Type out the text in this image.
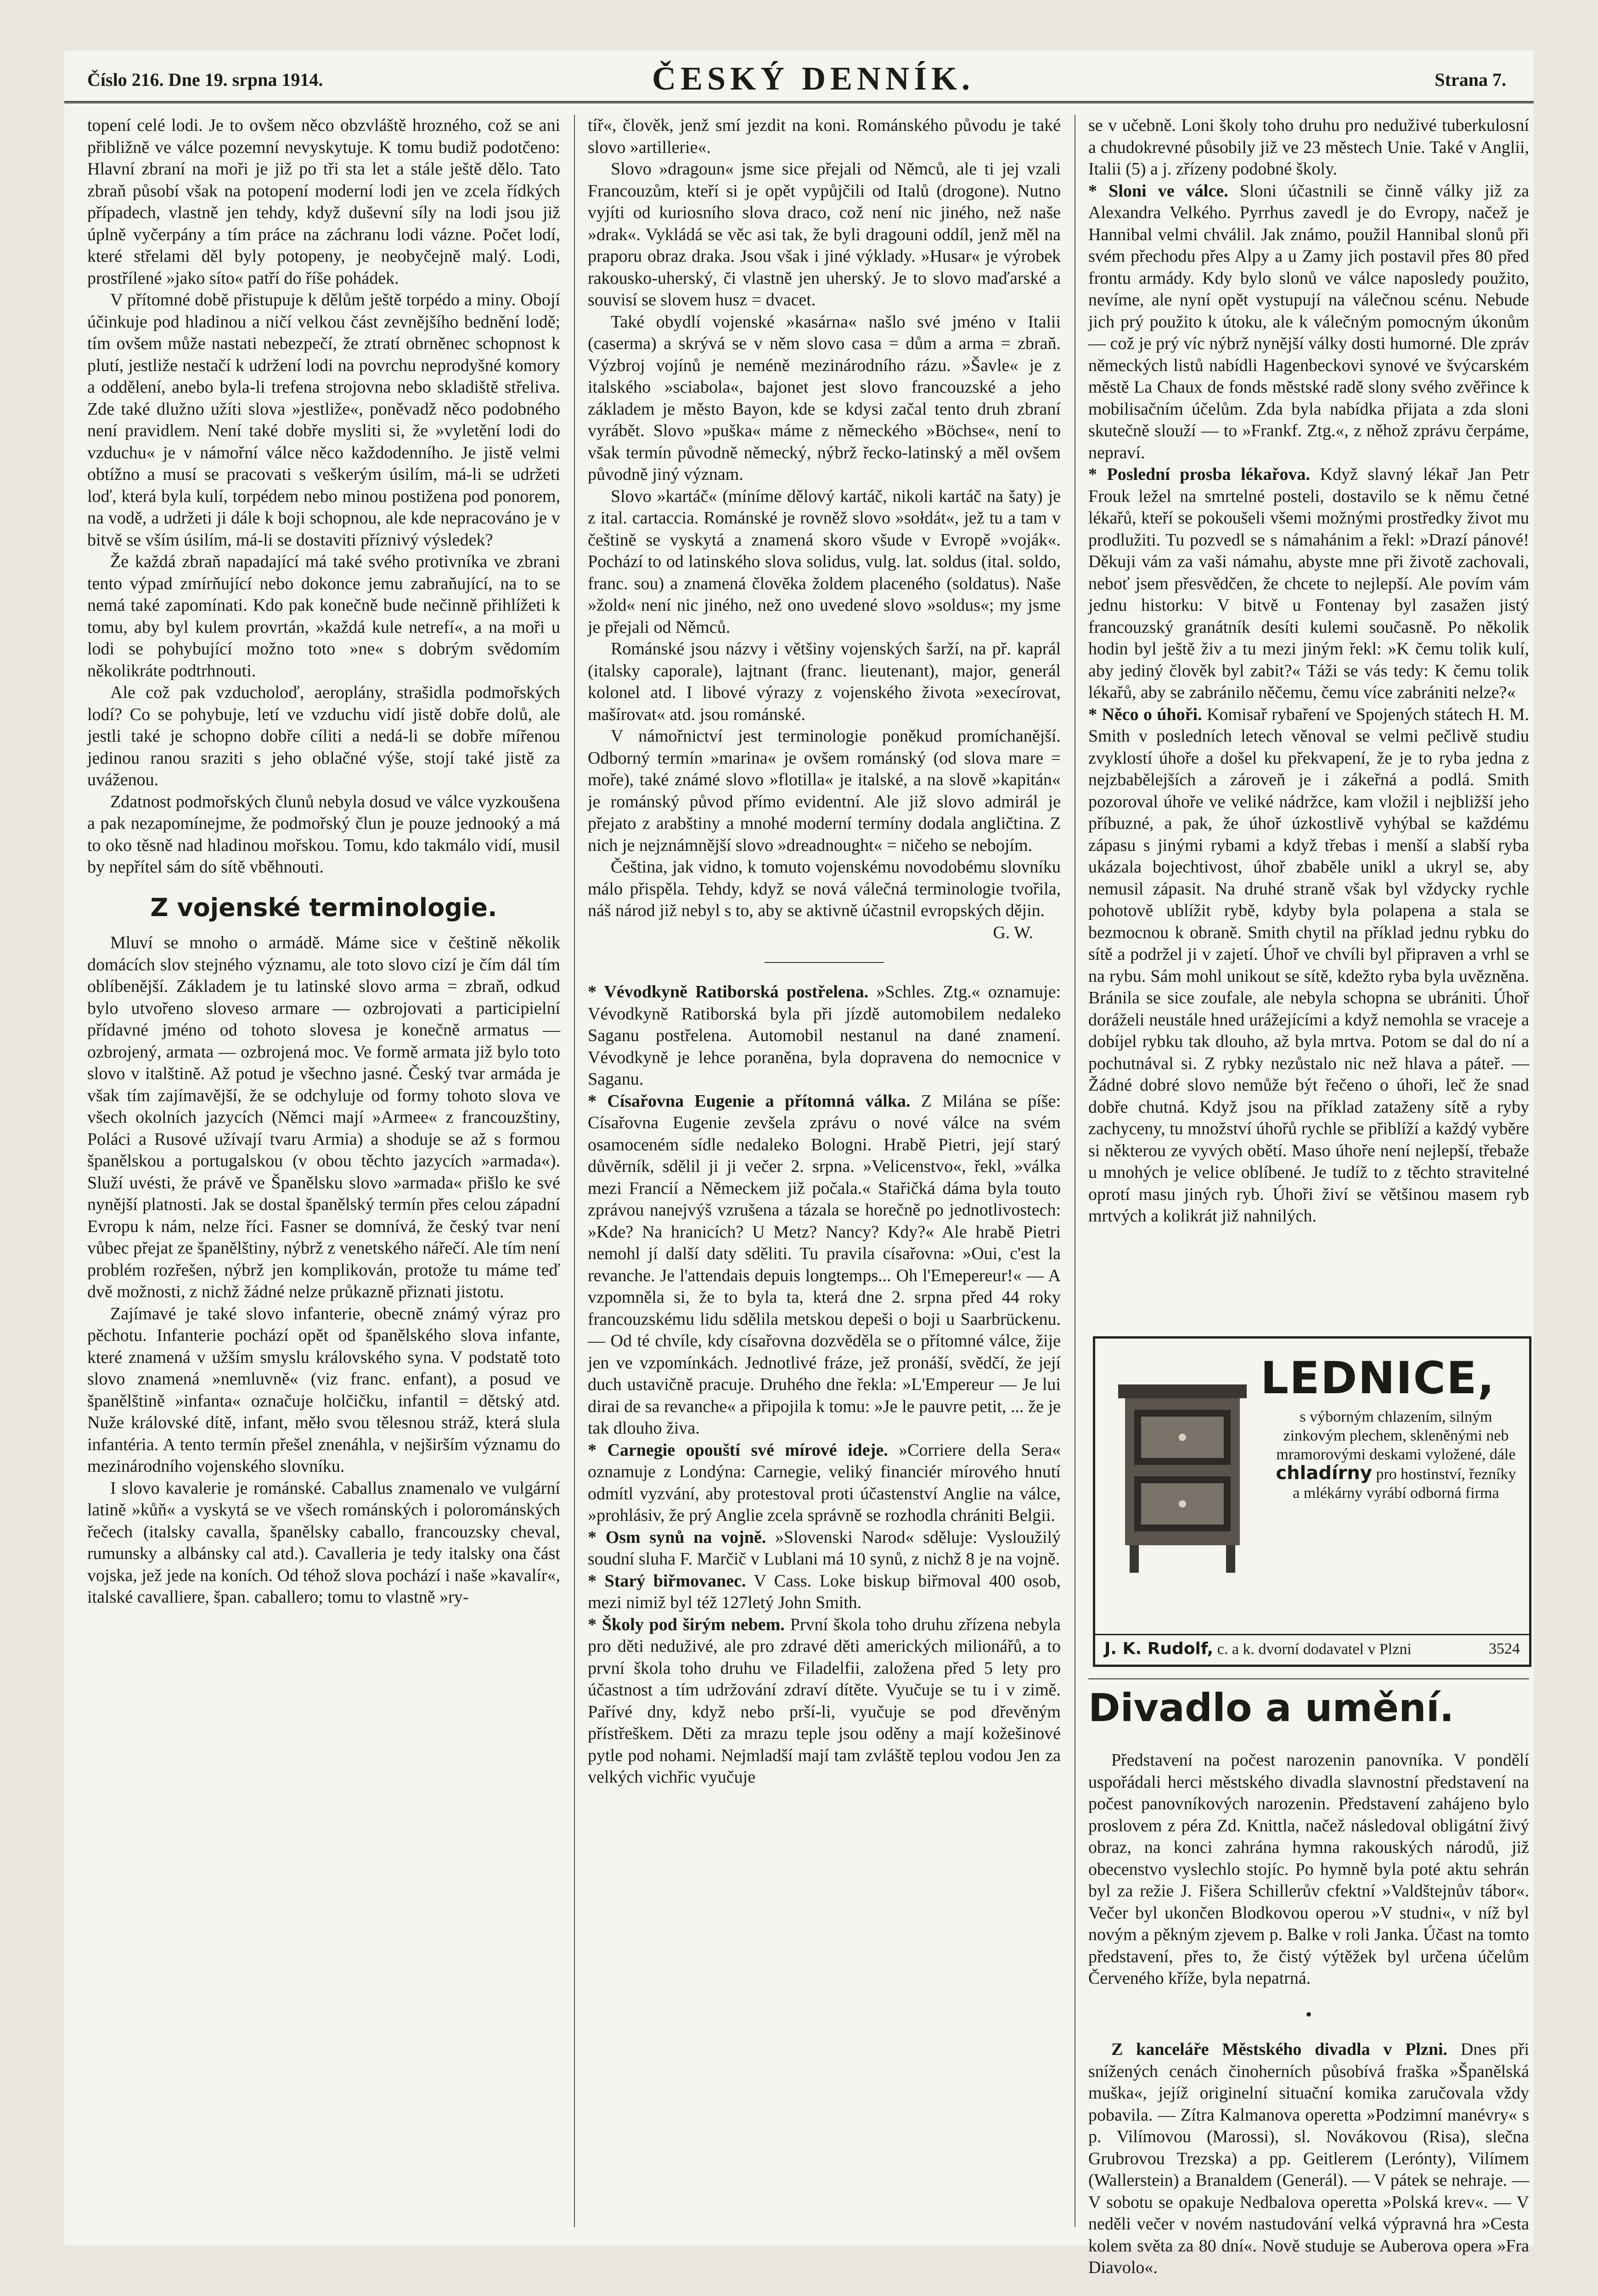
Číslo 216. Dne 19. srpna 1914.	ČESKÝ DENNÍK.	Strana 7.

topení celé lodi. Je to ovšem něco obzvláště hrozného, což se ani přibližně ve válce pozemní nevyskytuje. K tomu budiž podotčeno: Hlavní zbraní na moři je již po tři sta let a stále ještě dělo. Tato zbraň působí však na potopení moderní lodi jen ve zcela řídkých případech, vlastně jen tehdy, když duševní síly na lodi jsou již úplně vyčerpány a tím práce na záchranu lodi vázne. Počet lodí, které střelami děl byly potopeny, je neobyčejně malý. Lodi, prostřílené »jako síto« patří do říše pohádek.

V přítomné době přistupuje k dělům ještě torpédo a miny. Obojí účinkuje pod hladinou a ničí velkou část zevnějšího bednění lodě; tím ovšem může nastati nebezpečí, že ztratí obrněnec schopnost k plutí, jestliže nestačí k udržení lodi na povrchu neprodyšné komory a oddělení, anebo byla-li trefena strojovna nebo skladiště střeliva. Zde také dlužno užíti slova »jestliže«, poněvadž něco podobného není pravidlem. Není také dobře mysliti si, že »vyletění lodi do vzduchu« je v námořní válce něco každodenního. Je jistě velmi obtížno a musí se pracovati s veškerým úsilím, má-li se udržeti loď, která byla kulí, torpédem nebo minou postižena pod ponorem, na vodě, a udržeti ji dále k boji schopnou, ale kde nepracováno je v bitvě se vším úsilím, má-li se dostaviti příznivý výsledek?

Že každá zbraň napadající má také svého protivníka ve zbrani tento výpad zmírňující nebo dokonce jemu zabraňující, na to se nemá také zapomínati. Kdo pak konečně bude nečinně přihlížeti k tomu, aby byl kulem provrtán, »každá kule netrefí«, a na moři u lodi se pohybující možno toto »ne« s dobrým svědomím několikráte podtrhnouti.

Ale což pak vzducholoď, aeroplány, strašidla podmořských lodí? Co se pohybuje, letí ve vzduchu vidí jistě dobře dolů, ale jestli také je schopno dobře cíliti a nedá-li se dobře mířenou jedinou ranou sraziti s jeho oblačné výše, stojí také jistě za uváženou.

Zdatnost podmořských člunů nebyla dosud ve válce vyzkoušena a pak nezapomínejme, že podmořský člun je pouze jednooký a má to oko těsně nad hladinou mořskou. Tomu, kdo takmálo vidí, musil by nepřítel sám do sítě vběhnouti.

Z vojenské terminologie.

Mluví se mnoho o armádě. Máme sice v češtině několik domácích slov stejného významu, ale toto slovo cizí je čím dál tím oblíbenější. Základem je tu latinské slovo arma = zbraň, odkud bylo utvořeno sloveso armare — ozbrojovati a participielní přídavné jméno od tohoto slovesa je konečně armatus — ozbrojený, armata — ozbrojená moc. Ve formě armata již bylo toto slovo v italštině. Až potud je všechno jasné. Český tvar armáda je však tím zajímavější, že se odchyluje od formy tohoto slova ve všech okolních jazycích (Němci mají »Armee« z francouzštiny, Poláci a Rusové užívají tvaru Armia) a shoduje se až s formou španělskou a portugalskou (v obou těchto jazycích »armada«). Služí uvésti, že právě ve Španělsku slovo »armada« přišlo ke své nynější platnosti. Jak se dostal španělský termín přes celou západní Evropu k nám, nelze říci. Fasner se domnívá, že český tvar není vůbec přejat ze španělštiny, nýbrž z venetského nářečí. Ale tím není problém rozřešen, nýbrž jen komplikován, protože tu máme teď dvě možnosti, z nichž žádné nelze průkazně přiznati jistotu.

Zajímavé je také slovo infanterie, obecně známý výraz pro pěchotu. Infanterie pochází opět od španělského slova infante, které znamená v užším smyslu královského syna. V podstatě toto slovo znamená »nemluvně« (viz franc. enfant), a posud ve španělštině »infanta« označuje holčičku, infantil = dětský atd. Nuže královské dítě, infant, měło svou tělesnou stráž, která slula infantéria. A tento termín přešel znenáhla, v nejširším významu do mezinárodního vojenského slovníku.

I slovo kavalerie je románské. Caballus znamenalo ve vulgární latině »kůň« a vyskytá se ve všech románských i polorománských řečech (italsky cavalla, španělsky caballo, francouzsky cheval, rumunsky a albánsky cal atd.). Cavalleria je tedy italsky ona část vojska, jež jede na koních. Od téhož slova pochází i naše »kavalír«, italské cavalliere, špan. caballero; tomu to vlastně »ry-

tíř«, člověk, jenž smí jezdit na koni. Románského původu je také slovo »artillerie«.

Slovo »dragoun« jsme sice přejali od Němců, ale ti jej vzali Francouzům, kteří si je opět vypůjčili od Italů (drogone). Nutno vyjíti od kuriosního slova draco, což není nic jiného, než naše »drak«. Vykládá se věc asi tak, že byli dragouni oddíl, jenž měl na praporu obraz draka. Jsou však i jiné výklady. »Husar« je výrobek rakousko-uherský, či vlastně jen uherský. Je to slovo maďarské a souvisí se slovem husz = dvacet.

Také obydlí vojenské »kasárna« našlo své jméno v Italii (caserma) a skrývá se v něm slovo casa = dům a arma = zbraň. Výzbroj vojínů je neméně mezinárodního rázu. »Šavle« je z italského »sciabola«, bajonet jest slovo francouzské a jeho základem je město Bayon, kde se kdysi začal tento druh zbraní vyrábět. Slovo »puška« máme z německého »Böchse«, není to však termín původně německý, nýbrž řecko-latinský a měl ovšem původně jiný význam.

Slovo »kartáč« (míníme dělový kartáč, nikoli kartáč na šaty) je z ital. cartaccia. Románské je rovněž slovo »sołdát«, jež tu a tam v češtině se vyskytá a znamená skoro všude v Evropě »voják«. Pochází to od latinského slova solidus, vulg. lat. soldus (ital. soldo, franc. sou) a znamená člověka žoldem placeného (soldatus). Naše »žold« není nic jiného, než ono uvedené slovo »soldus«; my jsme je přejali od Němců.

Románské jsou názvy i většiny vojenských šarží, na př. kaprál (italsky caporale), lajtnant (franc. lieutenant), major, generál kolonel atd. I libové výrazy z vojenského života »execírovat, mašírovat« atd. jsou románské.

V námořnictví jest terminologie poněkud promíchanější. Odborný termín »marina« je ovšem románský (od slova mare = moře), také známé slovo »flotilla« je italské, a na slově »kapitán« je románský původ přímo evidentní. Ale již slovo admirál je přejato z arabštiny a mnohé moderní termíny dodala angličtina. Z nich je nejznámnější slovo »dreadnought« = ničeho se nebojím.

Čeština, jak vidno, k tomuto vojenskému novodobému slovníku málo přispěla. Tehdy, když se nová válečná terminologie tvořila, náš národ již nebyl s to, aby se aktivně účastnil evropských dějin.

G. W.

* Vévodkyně Ratiborská postřelena. »Schles. Ztg.« oznamuje: Vévodkyně Ratiborská byla při jízdě automobilem nedaleko Saganu postřelena. Automobil nestanul na dané znamení. Vévodkyně je lehce poraněna, byla dopravena do nemocnice v Saganu.

* Císařovna Eugenie a přítomná válka. Z Milána se píše: Císařovna Eugenie zevšela zprávu o nové válce na svém osamoceném sídle nedaleko Bologni. Hrabě Pietri, její starý důvěrník, sdělil ji ji večer 2. srpna. »Velicenstvo«, řekl, »válka mezi Francií a Německem již počala.« Stařičká dáma byla touto zprávou nanejvýš vzrušena a tázala se horečně po jednotlivostech: »Kde? Na hranicích? U Metz? Nancy? Kdy?« Ale hrabě Pietri nemohl jí další daty sděliti. Tu pravila císařovna: »Oui, c'est la revanche. Je l'attendais depuis longtemps... Oh l'Emepereur!« — A vzpomněla si, že to byla ta, která dne 2. srpna před 44 roky francouzskému lidu sdělila metskou depeši o boji u Saarbrückenu. — Od té chvíle, kdy císařovna dozvěděla se o přítomné válce, žije jen ve vzpomínkách. Jednotlivé fráze, jež pronáší, svědčí, že její duch ustavičně pracuje. Druhého dne řekla: »L'Empereur — Je lui dirai de sa revanche« a připojila k tomu: »Je le pauvre petit, ... že je tak dlouho živa.

* Carnegie opouští své mírové ideje. »Corriere della Sera« oznamuje z Londýna: Carnegie, veliký financiér mírového hnutí odmítl vyzvání, aby protestoval proti účastenství Anglie na válce, »prohlásiv, že prý Anglie zcela správně se rozhodla chrániti Belgii.

* Osm synů na vojně. »Slovenski Narod« sděluje: Vysloužilý soudní sluha F. Marčič v Lublani má 10 synů, z nichž 8 je na vojně.

* Starý biřmovanec. V Cass. Loke biskup biřmoval 400 osob, mezi nimiž byl též 127letý John Smith.

* Školy pod širým nebem. První škola toho druhu zřízena nebyla pro děti neduživé, ale pro zdravé děti amerických milionářů, a to první škola toho druhu ve Filadelfii, založena před 5 lety pro účastnost a tím udržování zdraví dítěte. Vyučuje se tu i v zimě. Pařívé dny, když nebo prší-li, vyučuje se pod dřevěným přístřeškem. Děti za mrazu teple jsou oděny a mají kožešinové pytle pod nohami. Nejmladší mají tam zvláště teplou vodou Jen za velkých vichřic vyučuje

se v učebně. Loni školy toho druhu pro neduživé tuberkulosní a chudokrevné působily již ve 23 městech Unie. Také v Anglii, Italii (5) a j. zřízeny podobné školy.

* Sloni ve válce. Sloni účastnili se činně války již za Alexandra Velkého. Pyrrhus zavedl je do Evropy, načež je Hannibal velmi chválil. Jak známo, použil Hannibal slonů při svém přechodu přes Alpy a u Zamy jich postavil přes 80 před frontu armády. Kdy bylo slonů ve válce naposledy použito, nevíme, ale nyní opět vystupují na válečnou scénu. Nebude jich prý použito k útoku, ale k válečným pomocným úkonům — což je prý víc nýbrž nynější války dosti humorné. Dle zpráv německých listů nabídli Hagenbeckovi synové ve švýcarském městě La Chaux de fonds městské radě slony svého zvěřince k mobilisačním účelům. Zda byla nabídka přijata a zda sloni skutečně slouží — to »Frankf. Ztg.«, z něhož zprávu čerpáme, nepraví.

* Poslední prosba lékařova. Když slavný lékař Jan Petr Frouk ležel na smrtelné posteli, dostavilo se k němu četné lékařů, kteří se pokoušeli všemi možnými prostředky život mu prodlužiti. Tu pozvedl se s námahánim a řekl: »Drazí pánové! Děkuji vám za vaši námahu, abyste mne při životě zachovali, neboť jsem přesvědčen, že chcete to nejlepší. Ale povím vám jednu historku: V bitvě u Fontenay byl zasažen jistý francouzský granátník desíti kulemi současně. Po několik hodin byl ještě živ a tu mezi jiným řekl: »K čemu tolik kulí, aby jediný člověk byl zabit?« Táži se vás tedy: K čemu tolik lékařů, aby se zabránilo něčemu, čemu více zabrániti nelze?«

* Něco o úhoři. Komisař rybaření ve Spojených státech H. M. Smith v posledních letech věnoval se velmi pečlivě studiu zvyklostí úhoře a došel ku překvapení, že je to ryba jedna z nejzbabělejších a zároveň je i zákeřná a podlá. Smith pozoroval úhoře ve veliké nádržce, kam vložil i nejbližší jeho příbuzné, a pak, že úhoř úzkostlivě vyhýbal se každému zápasu s jinými rybami a když třebas i menší a slabší ryba ukázala bojechtivost, úhoř zbaběle unikl a ukryl se, aby nemusil zápasit. Na druhé straně však byl vždycky rychle pohotově ublížit rybě, kdyby byla polapena a stala se bezmocnou k obraně. Smith chytil na příklad jednu rybku do sítě a podržel ji v zajetí. Úhoř ve chvíli byl připraven a vrhl se na rybu. Sám mohl unikout se sítě, kdežto ryba byla uvězněna. Bránila se sice zoufale, ale nebyla schopna se ubrániti. Úhoř doráželi neustále hned urážejícími a když nemohla se vraceje a dobíjel rybku tak dlouho, až byla mrtva. Potom se dal do ní a pochutnával si. Z rybky nezůstalo nic než hlava a páteř. — Žádné dobré slovo nemůže být řečeno o úhoři, leč že snad dobře chutná. Když jsou na příklad zataženy sítě a ryby zachyceny, tu množství úhořů rychle se přiblíží a každý vyběre si některou ze vyvých obětí. Maso úhoře není nejlepší, třebaže u mnohých je velice oblíbené. Je tudíž to z těchto stravitelné oprotí masu jiných ryb. Úhoři živí se většinou masem ryb mrtvých a kolikrát již nahnilých.

LEDNICE,
s výborným chlazením, silným zinkovým plechem, skleněnými neb mramorovými deskami vyložené, dále chladírny pro hostinství, řezníky a mlékárny vyrábí odborná firma
J. K. Rudolf, c. a k. dvorní dodavatel v Plzni	3524
Divadlo a umění.

Představení na počest narozenin panovníka. V pondělí uspořádali herci městského divadla slavnostní představení na počest panovníkových narozenin. Představení zahájeno bylo proslovem z péra Zd. Knittla, načež následoval obligátní živý obraz, na konci zahrána hymna rakouských národů, již obecenstvo vyslechlo stojíc. Po hymně byla poté aktu sehrán byl za režie J. Fišera Schillerův cfektní »Valdštejnův tábor«. Večer byl ukončen Blodkovou operou »V studni«, v níž byl novým a pěkným zjevem p. Balke v roli Janka. Účast na tomto představení, přes to, že čistý výtěžek byl určena účelům Červeného kříže, byla nepatrná.

•

Z kanceláře Městského divadla v Plzni. Dnes při snížených cenách činoherních působívá fraška »Španělská muška«, jejíž originelní situační komika zaručovala vždy pobavila. — Zítra Kalmanova operetta »Podzimní manévry« s p. Vilímovou (Marossi), sl. Novákovou (Risa), slečna Grubrovou Trezska) a pp. Geitlerem (Lerónty), Vilímem (Wallerstein) a Branaldem (Generál). — V pátek se nehraje. — V sobotu se opakuje Nedbalova operetta »Polská krev«. — V neděli večer v novém nastudování velká výpravná hra »Cesta kolem světa za 80 dní«. Nově studuje se Auberova opera »Fra Diavolo«.
